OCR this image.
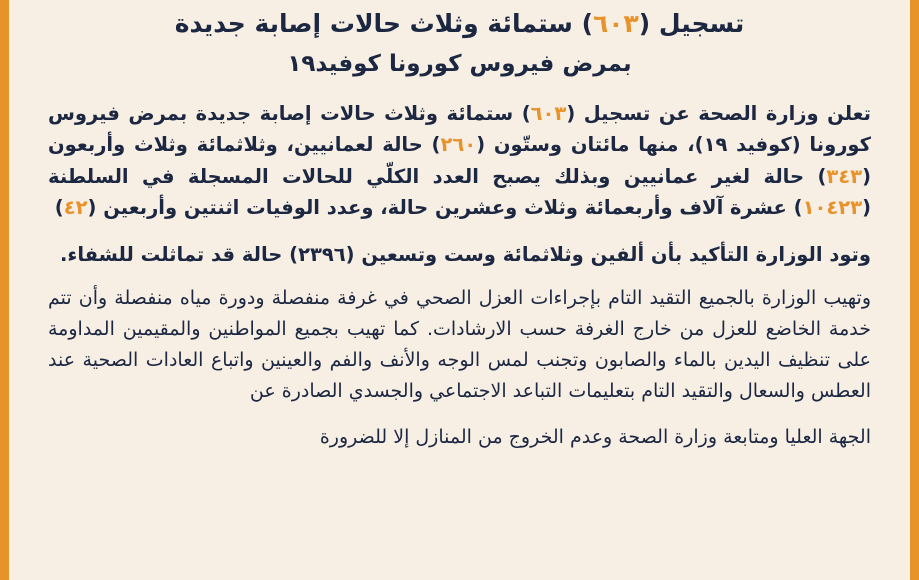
تسجيل (٦٠٣) ستمائة وثلاث حالات إصابة جديدة
بمرض فيروس كورونا كوفيد١٩

تعلن وزارة الصحة عن تسجيل (٦٠٣) ستمائة وثلاث حالات إصابة جديدة بمرض فيروس كورونا (كوفيد ١٩)، منها مائتان وستّون (٢٦٠) حالة لعمانيين، وثلاثمائة وثلاث وأربعون (٣٤٣) حالة لغير عمانيين وبذلك يصبح العدد الكلّي للحالات المسجلة في السلطنة (١٠٤٢٣) عشرة آلاف وأربعمائة وثلاث وعشرين حالة، وعدد الوفيات اثنتين وأربعين (٤٢)

وتود الوزارة التأكيد بأن ألفين وثلاثمائة وست وتسعين (٢٣٩٦) حالة قد تماثلت للشفاء.

وتهيب الوزارة بالجميع التقيد التام بإجراءات العزل الصحي في غرفة منفصلة ودورة مياه منفصلة وأن تتم خدمة الخاضع للعزل من خارج الغرفة حسب الارشادات. كما تهيب بجميع المواطنين والمقيمين المداومة على تنظيف اليدين بالماء والصابون وتجنب لمس الوجه والأنف والفم والعينين واتباع العادات الصحية عند العطس والسعال والتقيد التام بتعليمات التباعد الاجتماعي والجسدي الصادرة عن

الجهة العليا ومتابعة وزارة الصحة وعدم الخروج من المنازل إلا للضرورة
